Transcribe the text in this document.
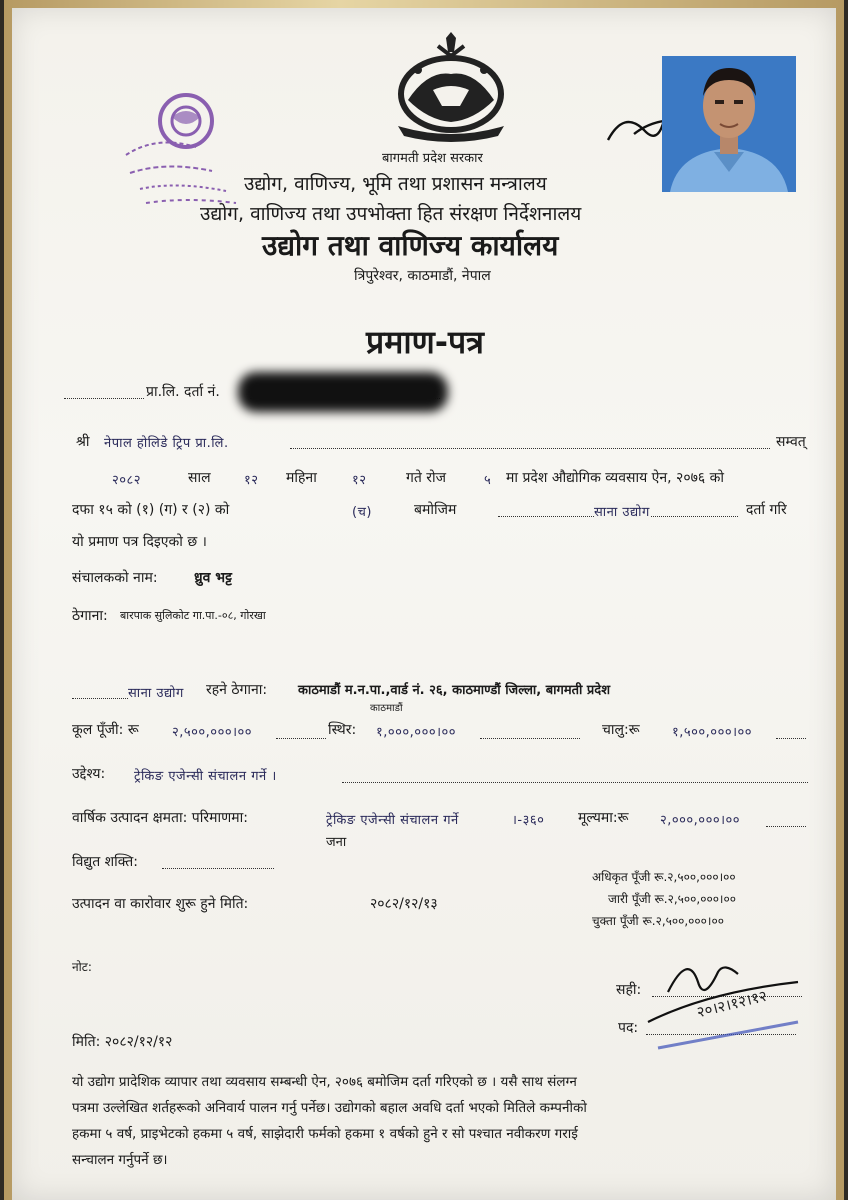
बागमती प्रदेश सरकार
उद्योग, वाणिज्य, भूमि तथा प्रशासन मन्त्रालय
उद्योग, वाणिज्य तथा उपभोक्ता हित संरक्षण निर्देशनालय
उद्योग तथा वाणिज्य कार्यालय
त्रिपुरेश्वर, काठमाडौं, नेपाल
प्रमाण-पत्र
प्रा.लि. दर्ता नं.
श्री नेपाल होलिडे ट्रिप प्रा.लि.	सम्वत्
२०८२	साल	१२ महिना	१२	गते रोज	५ मा प्रदेश औद्योगिक व्यवसाय ऐन, २०७६ को
दफा १५ को (१) (ग) र (२) को	(च)	बमोजिम	साना उद्योग	दर्ता गरि
यो प्रमाण पत्र दिइएको छ ।
संचालकको नाम:	ध्रुव भट्ट
ठेगाना: बारपाक सुलिकोट गा.पा.-०८, गोरखा
साना उद्योग रहने ठेगाना: काठमाडौं म.न.पा.,वार्ड नं. २६, काठमाण्डौं जिल्ला, बागमती प्रदेश
काठमाडौं
कूल पूँजी: रू	२,५००,०००।००	स्थिर: १,०००,०००।००	चालु:रू १,५००,०००।००
उद्देश्य: ट्रेकिङ एजेन्सी संचालन गर्ने ।
वार्षिक उत्पादन क्षमता: परिमाणमा:	ट्रेकिङ एजेन्सी संचालन गर्ने	।-३६० मूल्यमा:रू २,०००,०००।००
जना
विद्युत शक्ति:
अधिकृत पूँजी रू.२,५००,०००।००
जारी पूँजी रू.२,५००,०००।००
चुक्ता पूँजी रू.२,५००,०००।००
उत्पादन वा कारोवार शुरू हुने मिति:	२०८२/१२/१३
नोट:
सही:
पद:
२०।२।१२।१२
मिति: २०८२/१२/१२
यो उद्योग प्रादेशिक व्यापार तथा व्यवसाय सम्बन्धी ऐन, २०७६ बमोजिम दर्ता गरिएको छ । यसै साथ संलग्न
पत्रमा उल्लेखित शर्तहरूको अनिवार्य पालन गर्नु पर्नेछ। उद्योगको बहाल अवधि दर्ता भएको मितिले कम्पनीको
हकमा ५ वर्ष, प्राइभेटको हकमा ५ वर्ष, साझेदारी फर्मको हकमा १ वर्षको हुने र सो पश्चात नवीकरण गराई
सन्चालन गर्नुपर्ने छ।
